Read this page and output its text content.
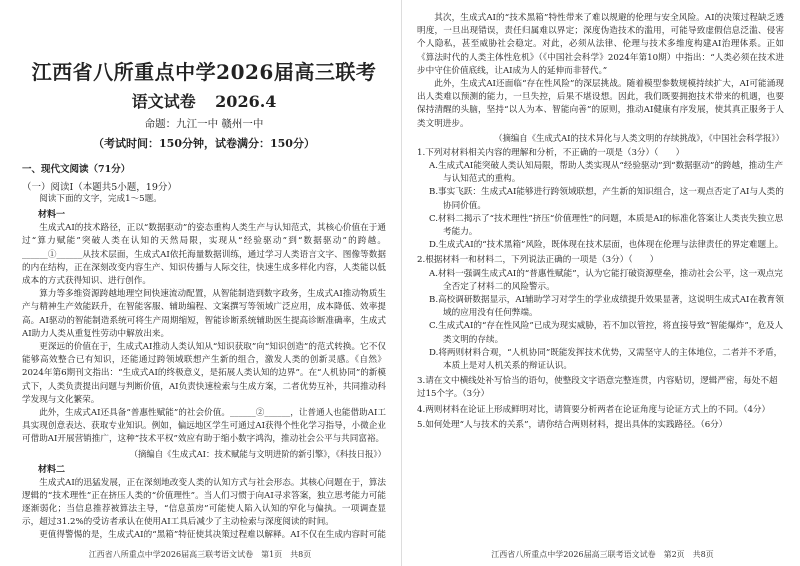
江西省八所重点中学2026届高三联考
语文试卷 2026.4
命题：九江一中 赣州一中
（考试时间：150分钟，试卷满分：150分）
一、现代文阅读（71分）
（一）阅读Ⅰ（本题共5小题，19分）

阅读下面的文字，完成1～5题。

材料一

生成式AI的技术路径，正以“数据驱动”的姿态重构人类生产与认知范式，其核心价值在于通过“算力赋能”突破人类在认知的天然局限，实现从“经验驱动”到“数据驱动”的跨越。______①______从技术层面，生成式AI依托海量数据训练，通过学习人类语言文字、图像等数据的内在结构，正在深刻改变内容生产、知识传播与人际交往，快速生成多样化内容，人类能以低成本的方式获得知识、进行创作。

算力等多维资源跨越地理空间快速流动配置，从智能制造到数字政务，生成式AI推动物质生产与精神生产效能跃升，在智能客服、辅助编程、文案撰写等领域广泛应用，成本降低、效率提高。AI驱动的智能制造系统可将生产周期缩短，智能诊断系统辅助医生提高诊断准确率，生成式AI助力人类从重复性劳动中解放出来。

更深远的价值在于，生成式AI推动人类认知从“知识获取”向“知识创造”的范式转换。它不仅能够高效整合已有知识，还能通过跨领域联想产生新的组合，激发人类的创新灵感。《自然》2024年第6期刊文指出：“生成式AI的终极意义，是拓展人类认知的边界”。在“人机协同”的新模式下，人类负责提出问题与判断价值，AI负责快速检索与生成方案，二者优势互补，共同推动科学发现与文化繁荣。

此外，生成式AI还具备“普惠性赋能”的社会价值。______②______，让普通人也能借助AI工具实现创意表达、获取专业知识。例如，偏远地区学生可通过AI获得个性化学习指导，小微企业可借助AI开展营销推广，这种“技术平权”效应有助于缩小数字鸿沟，推动社会公平与共同富裕。

（摘编自《生成式AI：技术赋能与文明进阶的新引擎》，《科技日报》）
材料二

生成式AI的迅猛发展，正在深刻地改变人类的认知方式与社会形态。其核心问题在于，算法逻辑的“技术理性”正在挤压人类的“价值理性”。当人们习惯于向AI寻求答案，独立思考能力可能逐渐弱化；当信息推荐被算法主导，“信息茧房”可能使人陷入认知的窄化与偏执。一项调查显示，超过31.2%的受访者承认在使用AI工具后减少了主动检索与深度阅读的时间。

更值得警惕的是，生成式AI的“黑箱”特征使其决策过程难以解释。AI不仅在生成内容时可能

江西省八所重点中学2026届高三联考语文试卷　第1页　共8页

其次，生成式AI的“技术黑箱”特性带来了难以规避的伦理与安全风险。AI的决策过程缺乏透明度，一旦出现错误，责任归属难以界定；深度伪造技术的滥用，可能导致虚假信息泛滥、侵害个人隐私，甚至威胁社会稳定。对此，必须从法律、伦理与技术多维度构建AI治理体系。正如《算法时代的人类主体性危机》（《中国社会科学》2024年第10期）中指出：“人类必须在技术进步中守住价值底线，让AI成为人的延伸而非替代。”

此外，生成式AI还面临“存在性风险”的深层挑战。随着模型参数规模持续扩大，AI可能涌现出人类难以预测的能力，一旦失控，后果不堪设想。因此，我们既要拥抱技术带来的机遇，也要保持清醒的头脑，坚持“以人为本、智能向善”的原则，推动AI健康有序发展，使其真正服务于人类文明进步。

（摘编自《生成式AI的技术异化与人类文明的存续挑战》，《中国社会科学报》）
1.下列对材料相关内容的理解和分析，不正确的一项是（3分）（　　）
A.生成式AI能突破人类认知局限，帮助人类实现从“经验驱动”到“数据驱动”的跨越，推动生产与认知范式的重构。
B.事实飞跃：生成式AI能够进行跨领域联想，产生新的知识组合，这一观点否定了AI与人类的协同价值。
C.材料二揭示了“技术理性”挤压“价值理性”的问题，本质是AI的标准化答案让人类丧失独立思考能力。
D.生成式AI的“技术黑箱”风险，既体现在技术层面，也体现在伦理与法律责任的界定难题上。
2.根据材料一和材料二，下列说法正确的一项是（3分）（　　）
A.材料一强调生成式AI的“普惠性赋能”，认为它能打破资源壁垒，推动社会公平，这一观点完全否定了材料二的风险警示。
B.高校调研数据显示，AI辅助学习对学生的学业成绩提升效果显著，这说明生成式AI在教育领域的应用没有任何弊端。
C.生成式AI的“存在性风险”已成为现实威胁，若不加以管控，将直接导致“智能爆炸”，危及人类文明的存续。
D.将两则材料合观，“人机协同”既能发挥技术优势，又需坚守人的主体地位，二者并不矛盾，本质上是对人机关系的辩证认识。
3.请在文中横线处补写恰当的语句，使整段文字语意完整连贯，内容贴切，逻辑严密，每处不超过15个字。（3分）
4.两则材料在论证上形成鲜明对比，请简要分析两者在论证角度与论证方式上的不同。（4分）
5.如何处理“人与技术的关系”，请你结合两则材料，提出具体的实践路径。（6分）
江西省八所重点中学2026届高三联考语文试卷　第2页　共8页
